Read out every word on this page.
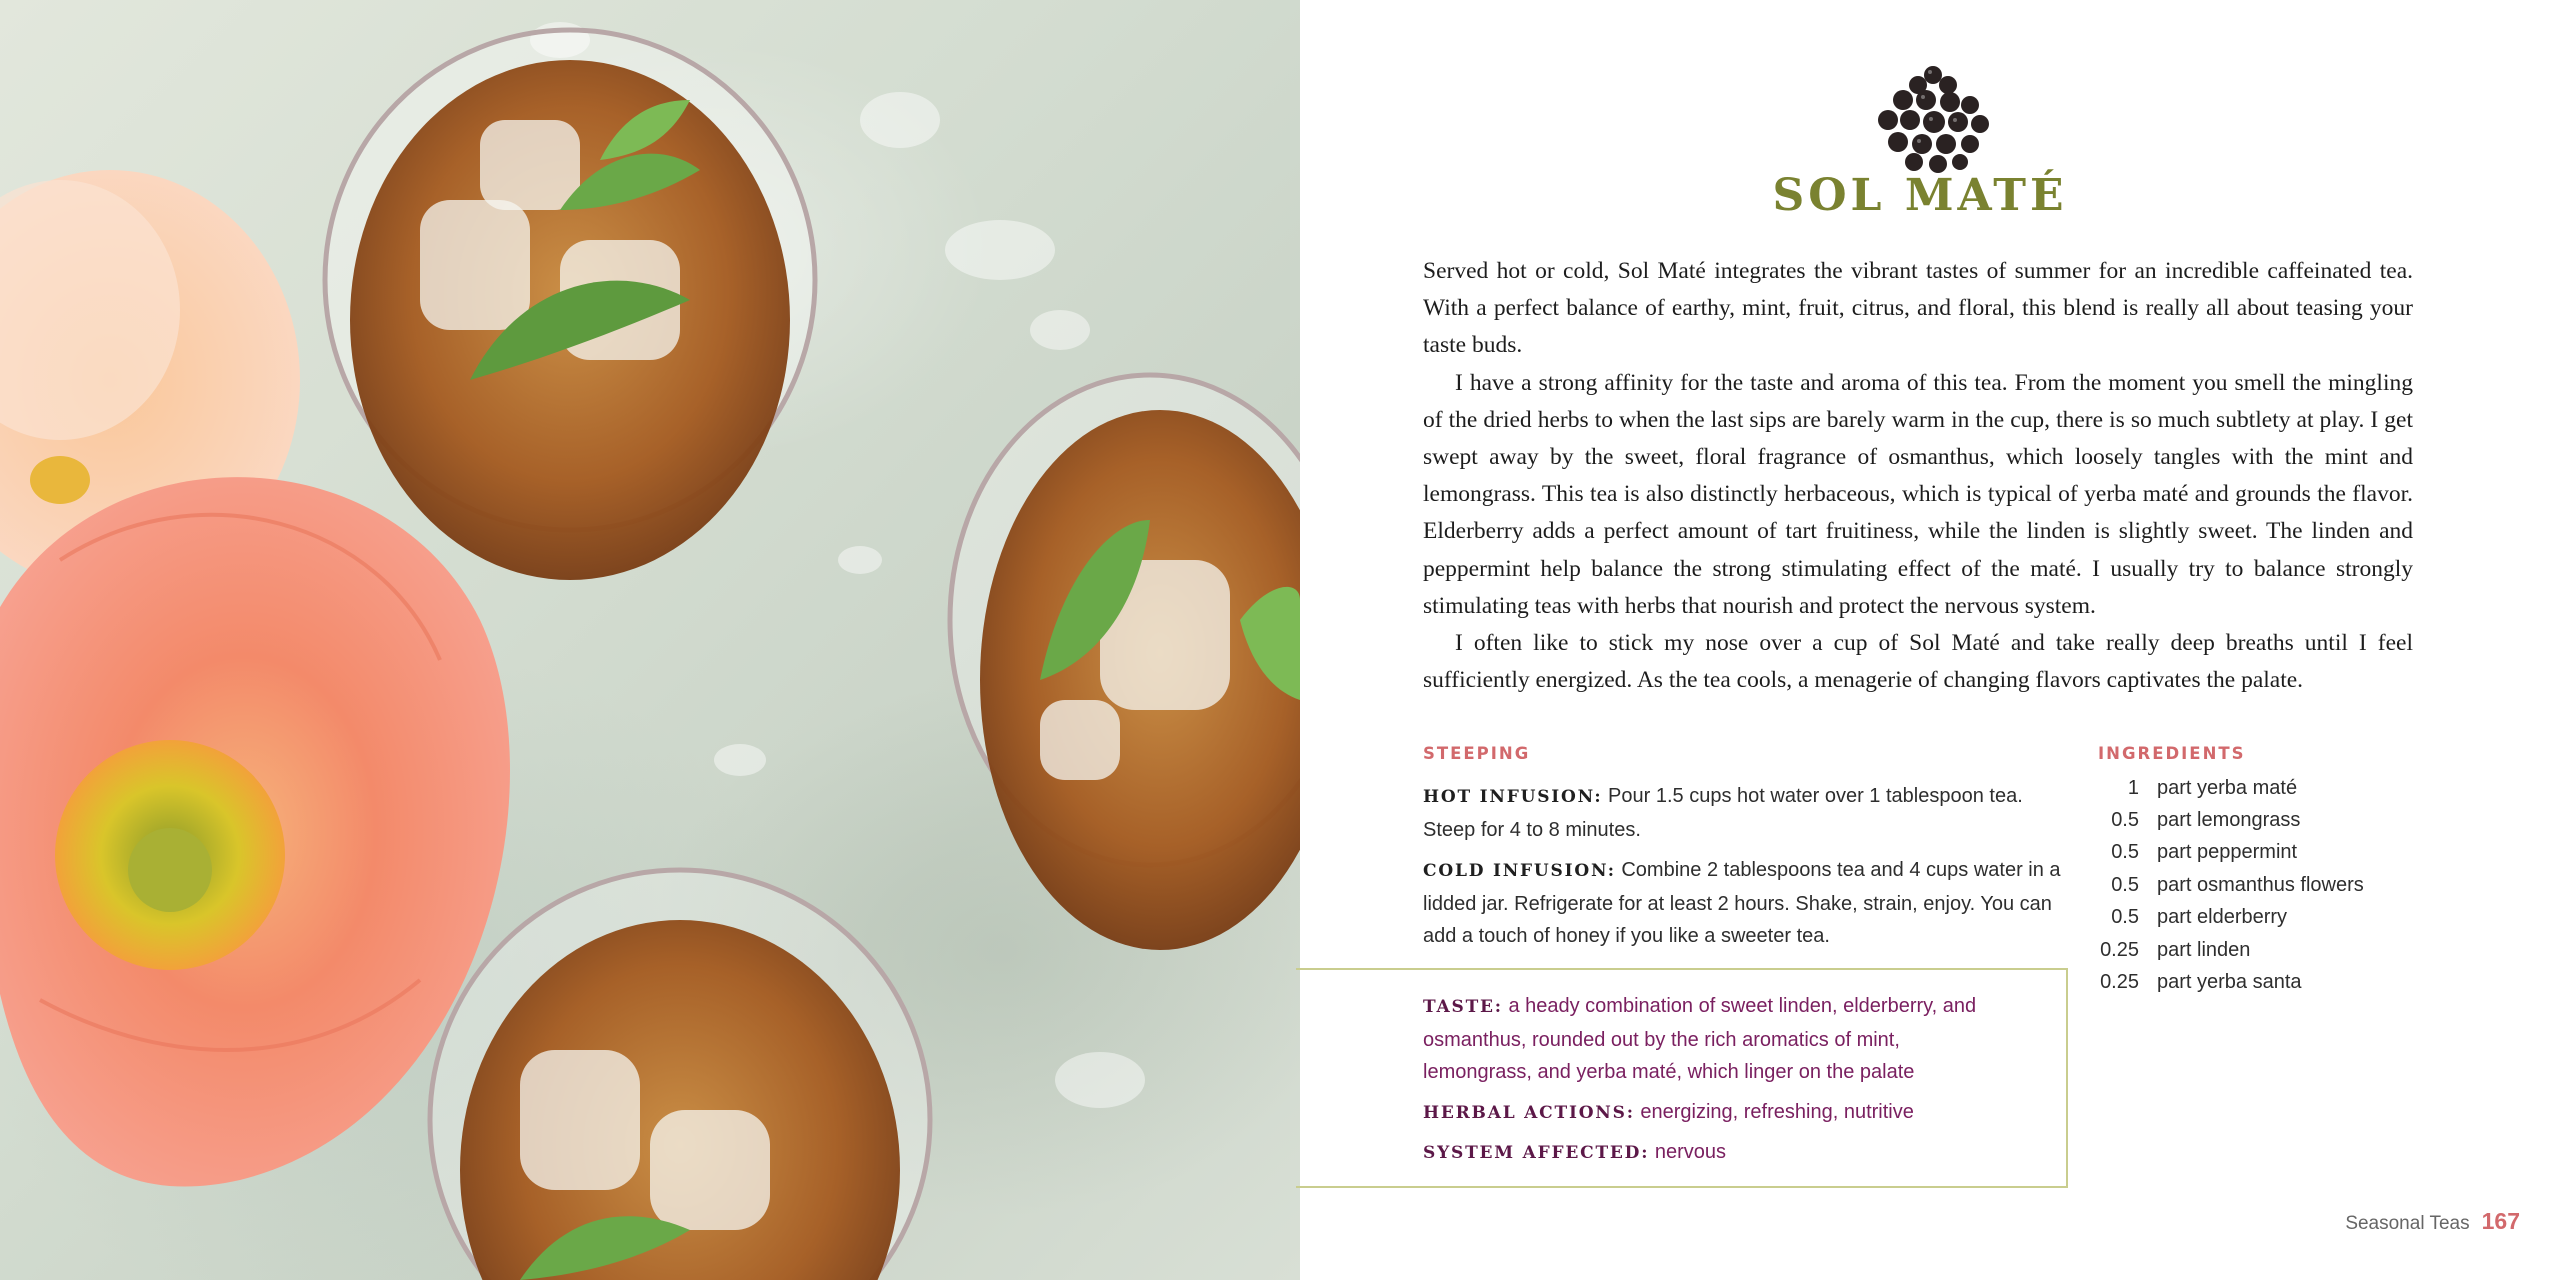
SOL MATÉ

Served hot or cold, Sol Maté integrates the vibrant tastes of summer for an incredible caffeinated tea. With a perfect balance of earthy, mint, fruit, citrus, and floral, this blend is really all about teasing your taste buds.

I have a strong affinity for the taste and aroma of this tea. From the moment you smell the mingling of the dried herbs to when the last sips are barely warm in the cup, there is so much subtlety at play. I get swept away by the sweet, floral fragrance of osmanthus, which loosely tangles with the mint and lemongrass. This tea is also distinctly herbaceous, which is typical of yerba maté and grounds the flavor. Elderberry adds a perfect amount of tart fruitiness, while the linden is slightly sweet. The linden and peppermint help balance the strong stimulating effect of the maté. I usually try to balance strongly stimulating teas with herbs that nourish and protect the nervous system.

I often like to stick my nose over a cup of Sol Maté and take really deep breaths until I feel sufficiently energized. As the tea cools, a menagerie of changing flavors captivates the palate.

STEEPING

HOT INFUSION: Pour 1.5 cups hot water over 1 tablespoon tea. Steep for 4 to 8 minutes.

COLD INFUSION: Combine 2 tablespoons tea and 4 cups water in a lidded jar. Refrigerate for at least 2 hours. Shake, strain, enjoy. You can add a touch of honey if you like a sweeter tea.

INGREDIENTS
1 part yerba maté
0.5 part lemongrass
0.5 part peppermint
0.5 part osmanthus flowers
0.5 part elderberry
0.25 part linden
0.25 part yerba santa

TASTE: a heady combination of sweet linden, elderberry, and osmanthus, rounded out by the rich aromatics of mint, lemongrass, and yerba maté, which linger on the palate

HERBAL ACTIONS: energizing, refreshing, nutritive

SYSTEM AFFECTED: nervous

Seasonal Teas 167
